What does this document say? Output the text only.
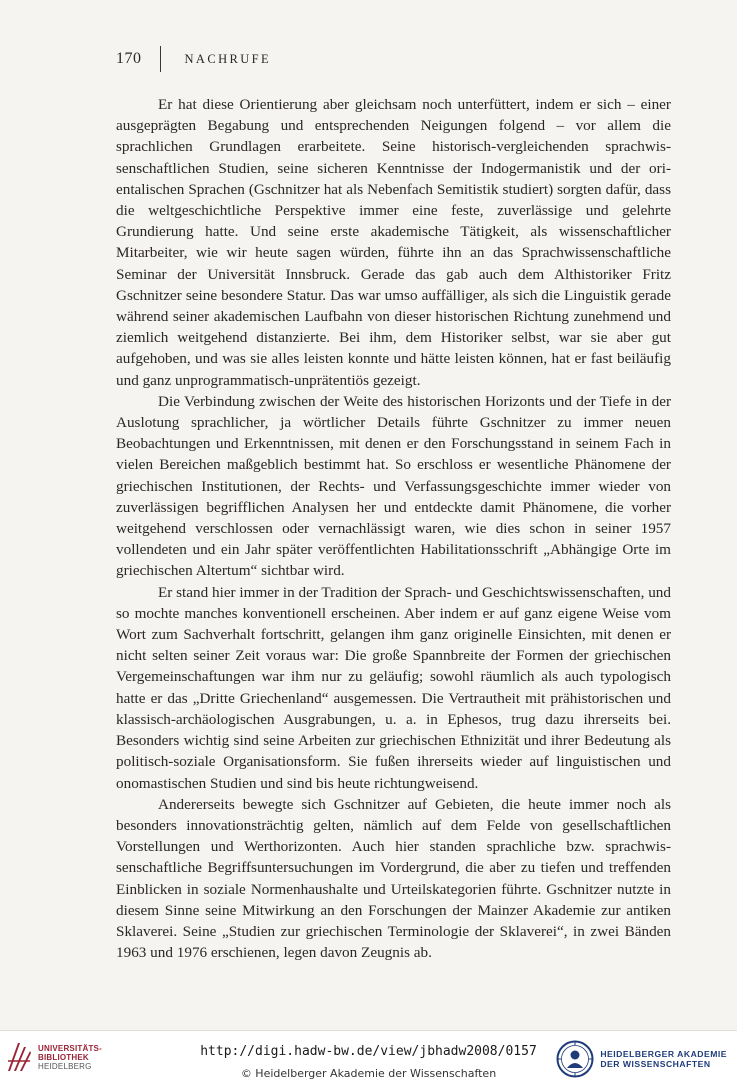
170	NACHRUFE

Er hat diese Orientierung aber gleichsam noch unterfüttert, indem er sich – einer ausgeprägten Begabung und entsprechenden Neigungen folgend – vor allem die sprachlichen Grundlagen erarbeitete. Seine historisch-vergleichenden sprachwissenschaftlichen Studien, seine sicheren Kenntnisse der Indogermanistik und der orientalischen Sprachen (Gschnitzer hat als Nebenfach Semitistik studiert) sorgten dafür, dass die weltgeschichtliche Perspektive immer eine feste, zuverlässige und gelehrte Grundierung hatte. Und seine erste akademische Tätigkeit, als wissenschaftlicher Mitarbeiter, wie wir heute sagen würden, führte ihn an das Sprachwissenschaftliche Seminar der Universität Innsbruck. Gerade das gab auch dem Althistoriker Fritz Gschnitzer seine besondere Statur. Das war umso auffälliger, als sich die Linguistik gerade während seiner akademischen Laufbahn von dieser historischen Richtung zunehmend und ziemlich weitgehend distanzierte. Bei ihm, dem Historiker selbst, war sie aber gut aufgehoben, und was sie alles leisten konnte und hätte leisten können, hat er fast beiläufig und ganz unprogrammatisch-unprätentiös gezeigt.

Die Verbindung zwischen der Weite des historischen Horizonts und der Tiefe in der Auslotung sprachlicher, ja wörtlicher Details führte Gschnitzer zu immer neuen Beobachtungen und Erkenntnissen, mit denen er den Forschungsstand in seinem Fach in vielen Bereichen maßgeblich bestimmt hat. So erschloss er wesentliche Phänomene der griechischen Institutionen, der Rechts- und Verfassungsgeschichte immer wieder von zuverlässigen begrifflichen Analysen her und entdeckte damit Phänomene, die vorher weitgehend verschlossen oder vernachlässigt waren, wie dies schon in seiner 1957 vollendeten und ein Jahr später veröffentlichten Habilitationsschrift „Abhängige Orte im griechischen Altertum“ sichtbar wird.

Er stand hier immer in der Tradition der Sprach- und Geschichtswissenschaften, und so mochte manches konventionell erscheinen. Aber indem er auf ganz eigene Weise vom Wort zum Sachverhalt fortschritt, gelangen ihm ganz originelle Einsichten, mit denen er nicht selten seiner Zeit voraus war: Die große Spannbreite der Formen der griechischen Vergemeinschaftungen war ihm nur zu geläufig; sowohl räumlich als auch typologisch hatte er das „Dritte Griechenland“ ausgemessen. Die Vertrautheit mit prähistorischen und klassisch-archäologischen Ausgrabungen, u. a. in Ephesos, trug dazu ihrerseits bei. Besonders wichtig sind seine Arbeiten zur griechischen Ethnizität und ihrer Bedeutung als politisch-soziale Organisationsform. Sie fußen ihrerseits wieder auf linguistischen und onomastischen Studien und sind bis heute richtungweisend.

Andererseits bewegte sich Gschnitzer auf Gebieten, die heute immer noch als besonders innovationsträchtig gelten, nämlich auf dem Felde von gesellschaftlichen Vorstellungen und Werthorizonten. Auch hier standen sprachliche bzw. sprachwissenschaftliche Begriffsuntersuchungen im Vordergrund, die aber zu tiefen und treffenden Einblicken in soziale Normenhaushalte und Urteilskategorien führte. Gschnitzer nutzte in diesem Sinne seine Mitwirkung an den Forschungen der Mainzer Akademie zur antiken Sklaverei. Seine „Studien zur griechischen Terminologie der Sklaverei“, in zwei Bänden 1963 und 1976 erschienen, legen davon Zeugnis ab.

UNIVERSITÄTS-
BIBLIOTHEK
HEIDELBERG
http://digi.hadw-bw.de/view/jbhadw2008/0157
© Heidelberger Akademie der Wissenschaften
HEIDELBERGER AKADEMIE
DER WISSENSCHAFTEN
